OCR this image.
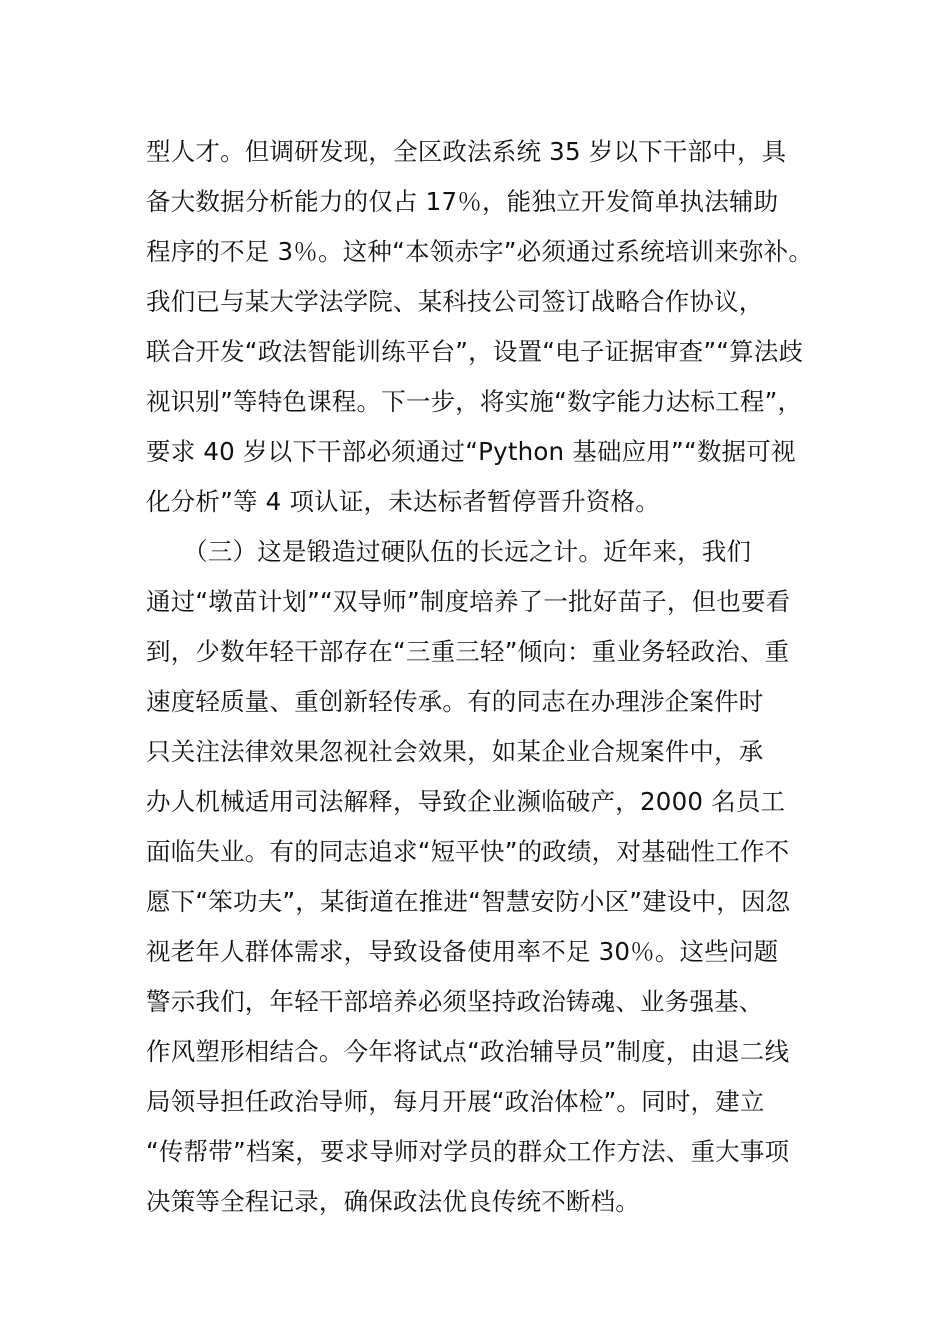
型人才。但调研发现，全区政法系统 35 岁以下干部中，具
备大数据分析能力的仅占 17％，能独立开发简单执法辅助
程序的不足 3％。这种“本领赤字”必须通过系统培训来弥补。
我们已与某大学法学院、某科技公司签订战略合作协议，
联合开发“政法智能训练平台”，设置“电子证据审查”“算法歧
视识别”等特色课程。下一步，将实施“数字能力达标工程”，
要求 40 岁以下干部必须通过“Python 基础应用”“数据可视
化分析”等 4 项认证，未达标者暂停晋升资格。
　　（三）这是锻造过硬队伍的长远之计。近年来，我们
通过“墩苗计划”“双导师”制度培养了一批好苗子，但也要看
到，少数年轻干部存在“三重三轻”倾向：重业务轻政治、重
速度轻质量、重创新轻传承。有的同志在办理涉企案件时
只关注法律效果忽视社会效果，如某企业合规案件中，承
办人机械适用司法解释，导致企业濒临破产，2000 名员工
面临失业。有的同志追求“短平快”的政绩，对基础性工作不
愿下“笨功夫”，某街道在推进“智慧安防小区”建设中，因忽
视老年人群体需求，导致设备使用率不足 30％。这些问题
警示我们，年轻干部培养必须坚持政治铸魂、业务强基、
作风塑形相结合。今年将试点“政治辅导员”制度，由退二线
局领导担任政治导师，每月开展“政治体检”。同时，建立
“传帮带”档案，要求导师对学员的群众工作方法、重大事项
决策等全程记录，确保政法优良传统不断档。
